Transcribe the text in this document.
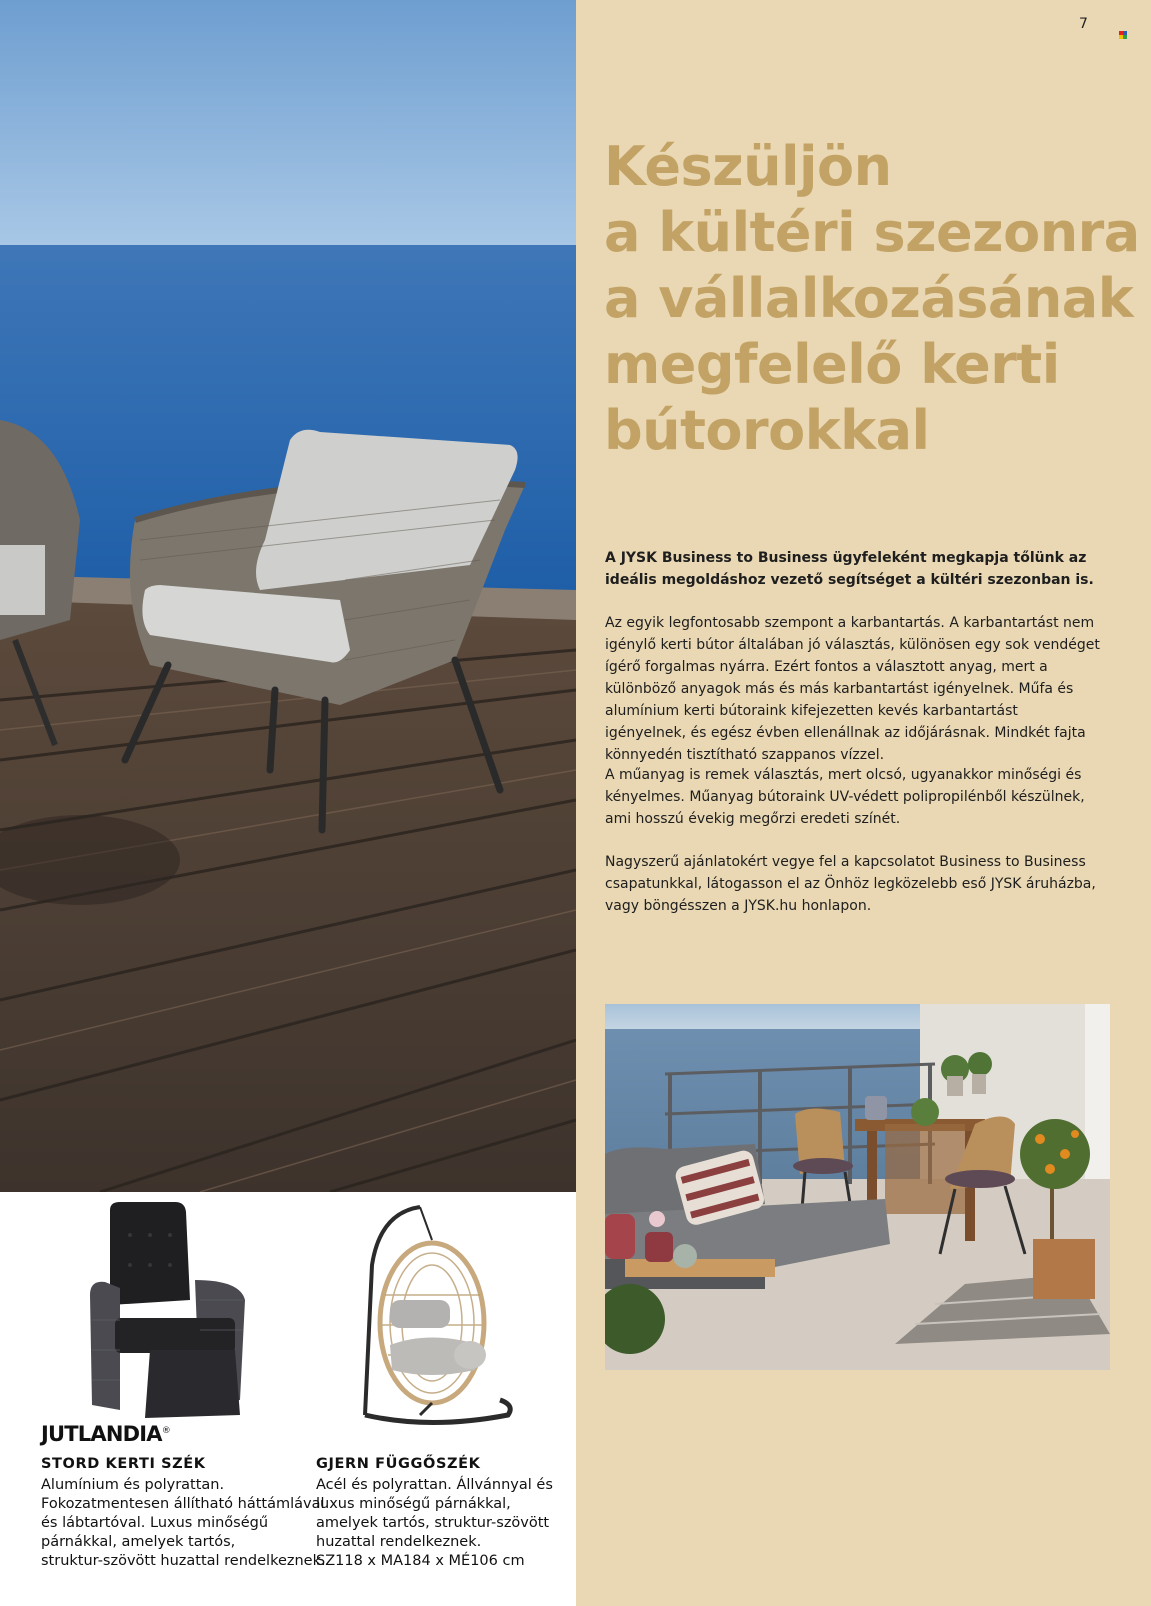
JUTLANDIA®
STORD KERTI SZÉK
Alumínium és polyrattan.
Fokozatmentesen állítható háttámlával
és lábtartóval. Luxus minőségű
párnákkal, amelyek tartós,
struktur-szövött huzattal rendelkeznek.
GJERN FÜGGŐSZÉK
Acél és polyrattan. Állvánnyal és
luxus minőségű párnákkal,
amelyek tartós, struktur-szövött
huzattal rendelkeznek.
SZ118 x MA184 x MÉ106 cm
7
Készüljön
a kültéri szezonra
a vállalkozásának
megfelelő kerti
bútorokkal

A JYSK Business to Business ügyfeleként megkapja tőlünk az ideális megoldáshoz vezető segítséget a kültéri szezonban is.

Az egyik legfontosabb szempont a karbantartás. A karbantartást nem igénylő kerti bútor általában jó választás, különösen egy sok vendéget ígérő forgalmas nyárra. Ezért fontos a választott anyag, mert a különböző anyagok más és más karbantartást igényelnek. Műfa és alumínium kerti bútoraink kifejezetten kevés karbantartást igényelnek, és egész évben ellenállnak az időjárásnak. Mindkét fajta könnyedén tisztítható szappanos vízzel.

A műanyag is remek választás, mert olcsó, ugyanakkor minőségi és kényelmes. Műanyag bútoraink UV-védett polipropilénből készülnek, ami hosszú évekig megőrzi eredeti színét.

Nagyszerű ajánlatokért vegye fel a kapcsolatot Business to Business csapatunkkal, látogasson el az Önhöz legközelebb eső JYSK áruházba, vagy böngésszen a JYSK.hu honlapon.
